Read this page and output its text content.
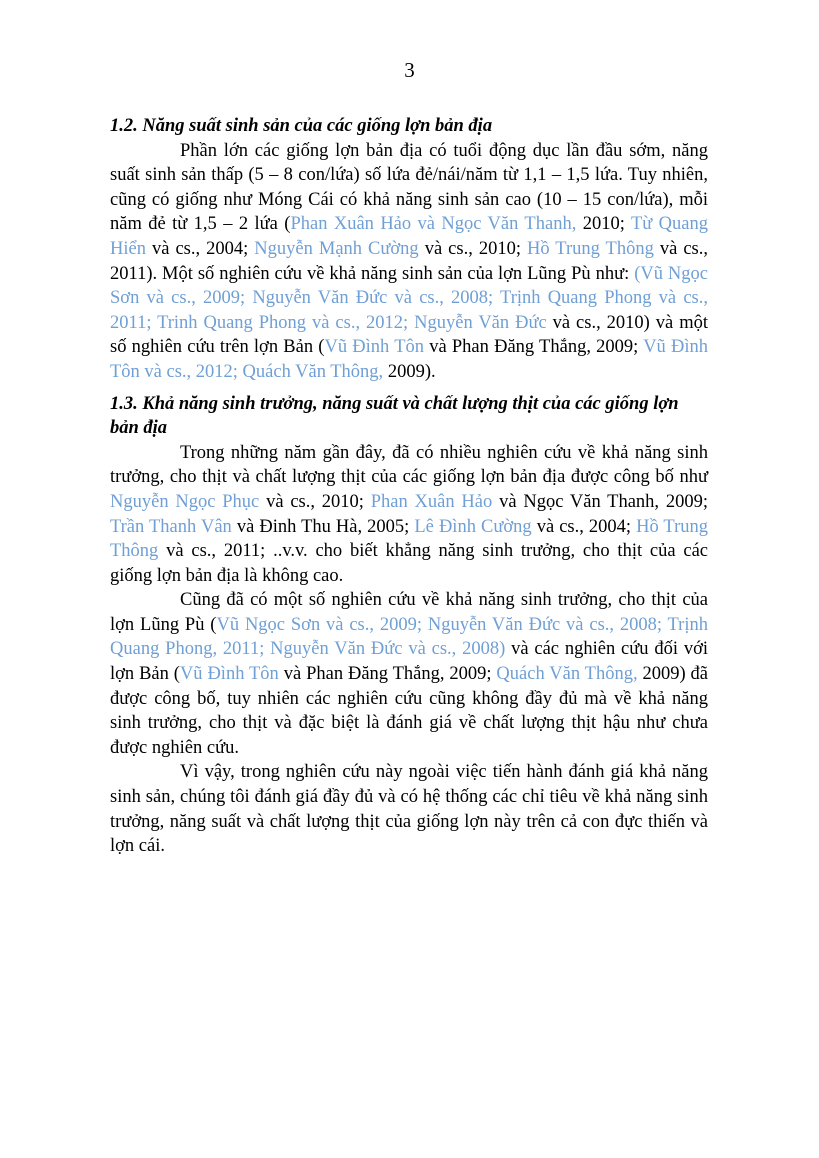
3
1.2. Năng suất sinh sản của các giống lợn bản địa

Phần lớn các giống lợn bản địa có tuổi động dục lần đầu sớm, năng suất sinh sản thấp (5 – 8 con/lứa) số lứa đẻ/nái/năm từ 1,1 – 1,5 lứa. Tuy nhiên, cũng có giống như Móng Cái có khả năng sinh sản cao (10 – 15 con/lứa), mỗi năm đẻ từ 1,5 – 2 lứa (Phan Xuân Hảo và Ngọc Văn Thanh, 2010; Từ Quang Hiển và cs., 2004; Nguyễn Mạnh Cường và cs., 2010; Hồ Trung Thông và cs., 2011). Một số nghiên cứu về khả năng sinh sản của lợn Lũng Pù như: (Vũ Ngọc Sơn và cs., 2009; Nguyễn Văn Đức và cs., 2008; Trịnh Quang Phong và cs., 2011; Trinh Quang Phong và cs., 2012; Nguyễn Văn Đức và cs., 2010) và một số nghiên cứu trên lợn Bản (Vũ Đình Tôn và Phan Đăng Thắng, 2009; Vũ Đình Tôn và cs., 2012; Quách Văn Thông, 2009).

1.3. Khả năng sinh trưởng, năng suất và chất lượng thịt của các giống lợn bản địa

Trong những năm gần đây, đã có nhiều nghiên cứu về khả năng sinh trưởng, cho thịt và chất lượng thịt của các giống lợn bản địa được công bố như Nguyễn Ngọc Phục và cs., 2010; Phan Xuân Hảo và Ngọc Văn Thanh, 2009; Trần Thanh Vân và Đinh Thu Hà, 2005; Lê Đình Cường và cs., 2004; Hồ Trung Thông và cs., 2011; ..v.v. cho biết khẳng năng sinh trưởng, cho thịt của các giống lợn bản địa là không cao.

Cũng đã có một số nghiên cứu về khả năng sinh trưởng, cho thịt của lợn Lũng Pù (Vũ Ngọc Sơn và cs., 2009; Nguyễn Văn Đức và cs., 2008; Trịnh Quang Phong, 2011; Nguyễn Văn Đức và cs., 2008) và các nghiên cứu đối với lợn Bản (Vũ Đình Tôn và Phan Đăng Thắng, 2009; Quách Văn Thông, 2009) đã được công bố, tuy nhiên các nghiên cứu cũng không đầy đủ mà về khả năng sinh trưởng, cho thịt và đặc biệt là đánh giá về chất lượng thịt hậu như chưa được nghiên cứu.

Vì vậy, trong nghiên cứu này ngoài việc tiến hành đánh giá khả năng sinh sản, chúng tôi đánh giá đầy đủ và có hệ thống các chỉ tiêu về khả năng sinh trưởng, năng suất và chất lượng thịt của giống lợn này trên cả con đực thiến và lợn cái.
